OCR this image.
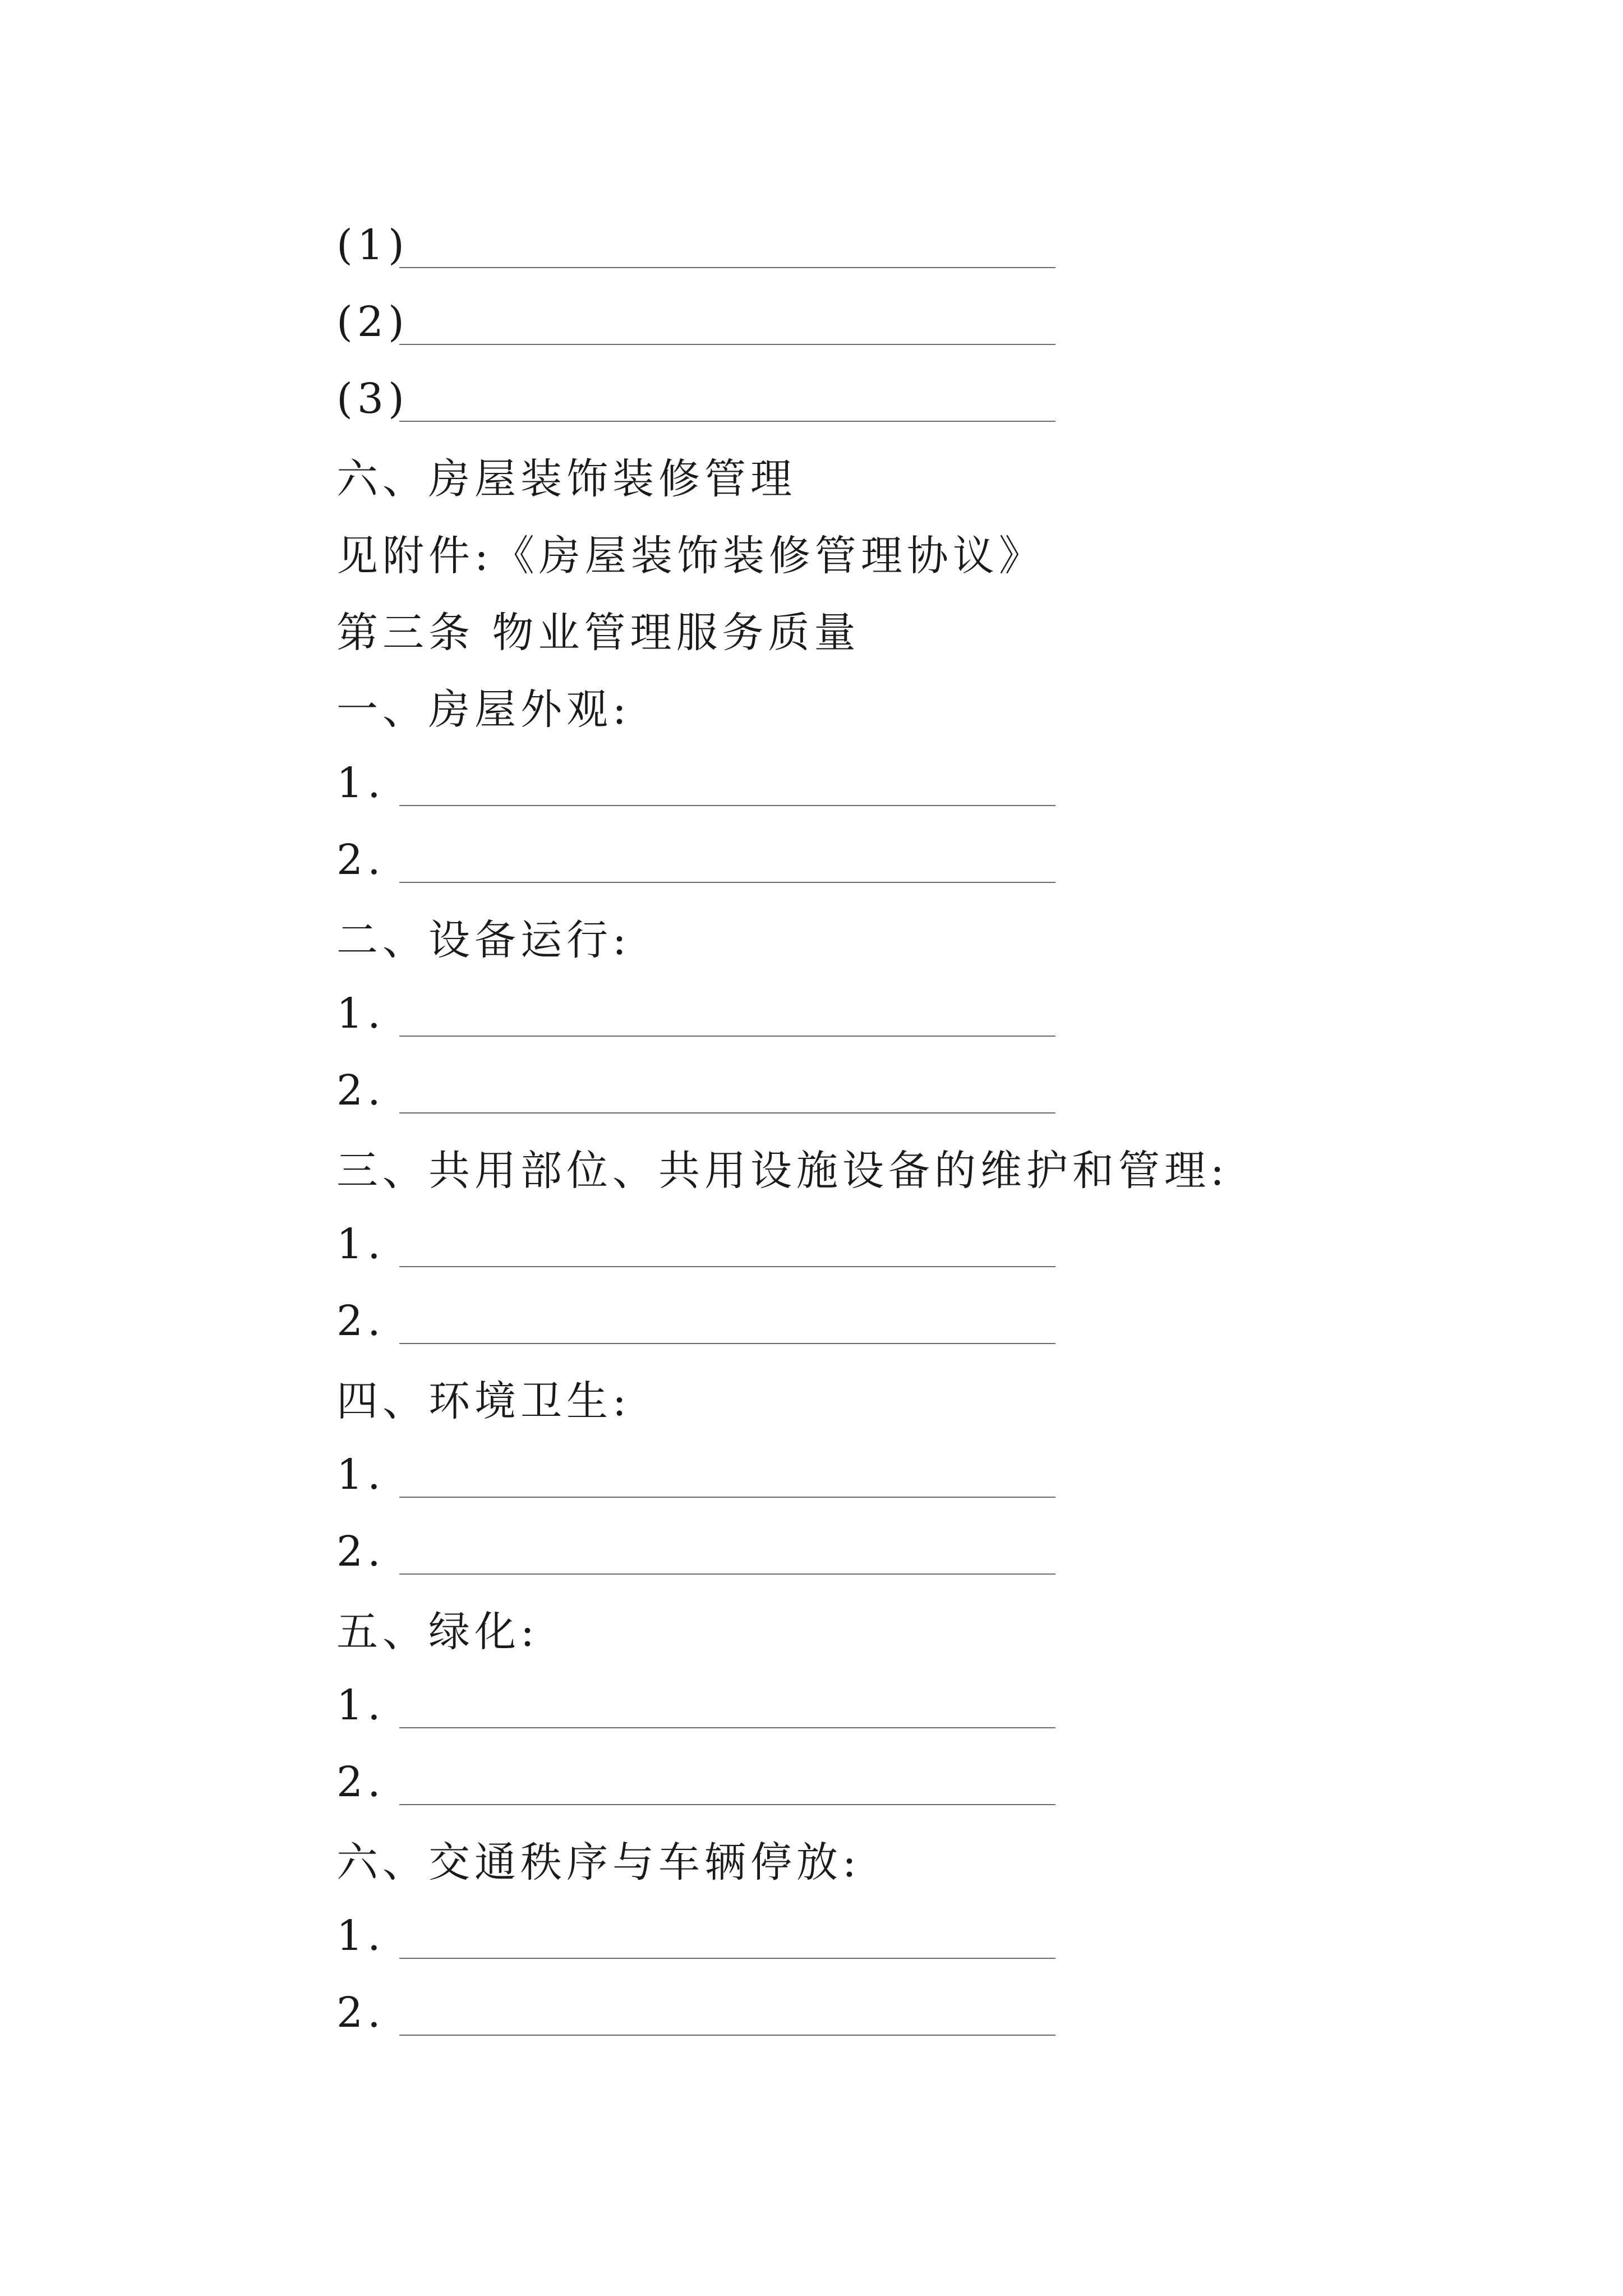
(1)
(2)
(3)
六、房屋装饰装修管理
见附件:《房屋装饰装修管理协议》
第三条 物业管理服务质量
一、房屋外观:
1.
2.
二、设备运行:
1.
2.
三、共用部位、共用设施设备的维护和管理:
1.
2.
四、环境卫生:
1.
2.
五、绿化:
1.
2.
六、交通秩序与车辆停放:
1.
2.
